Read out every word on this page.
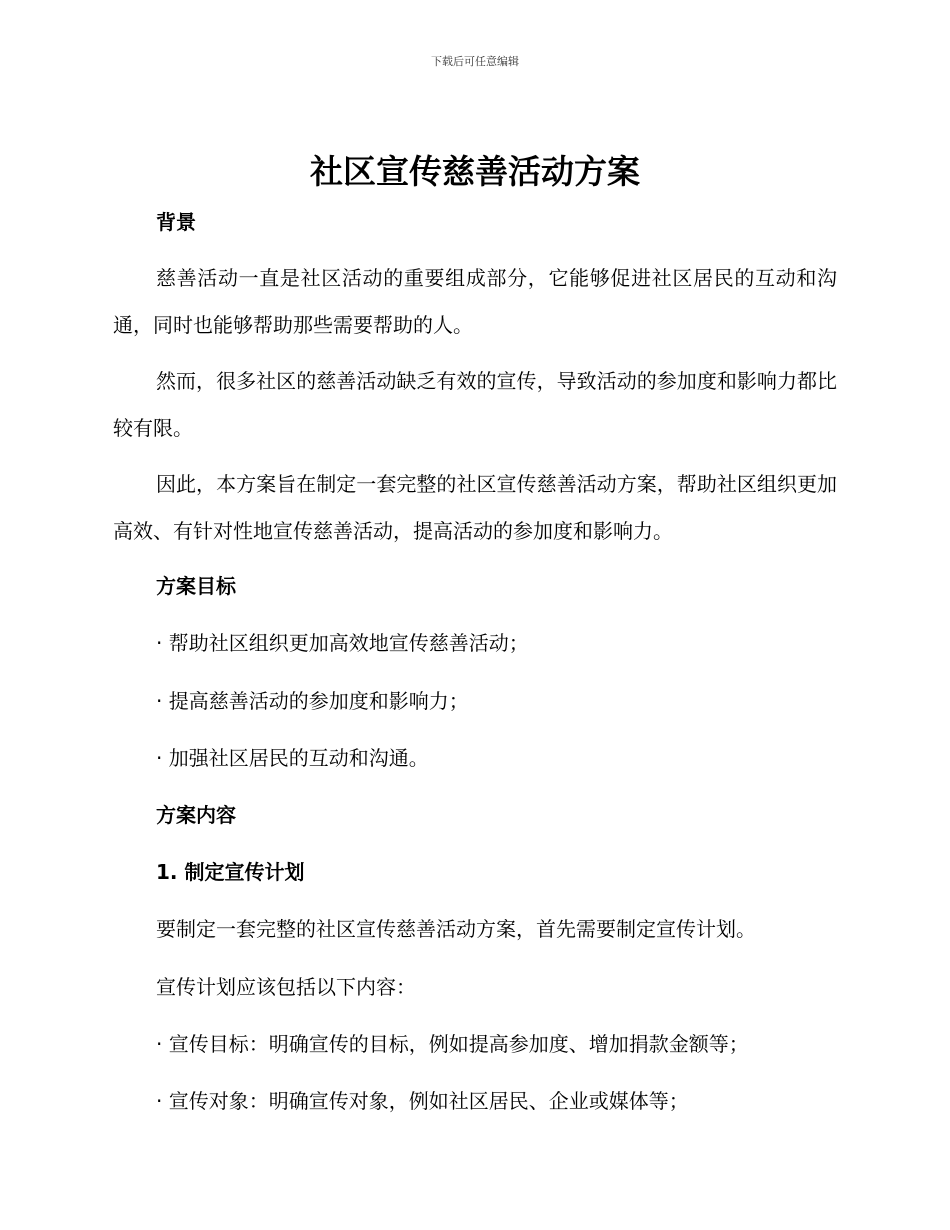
下载后可任意编辑
社区宣传慈善活动方案
背景

慈善活动一直是社区活动的重要组成部分，它能够促进社区居民的互动和沟通，同时也能够帮助那些需要帮助的人。

然而，很多社区的慈善活动缺乏有效的宣传，导致活动的参加度和影响力都比较有限。

因此，本方案旨在制定一套完整的社区宣传慈善活动方案，帮助社区组织更加高效、有针对性地宣传慈善活动，提高活动的参加度和影响力。

方案目标
· 帮助社区组织更加高效地宣传慈善活动；
· 提高慈善活动的参加度和影响力；
· 加强社区居民的互动和沟通。
方案内容
1. 制定宣传计划
要制定一套完整的社区宣传慈善活动方案，首先需要制定宣传计划。
宣传计划应该包括以下内容：
· 宣传目标：明确宣传的目标，例如提高参加度、增加捐款金额等；
· 宣传对象：明确宣传对象，例如社区居民、企业或媒体等；
